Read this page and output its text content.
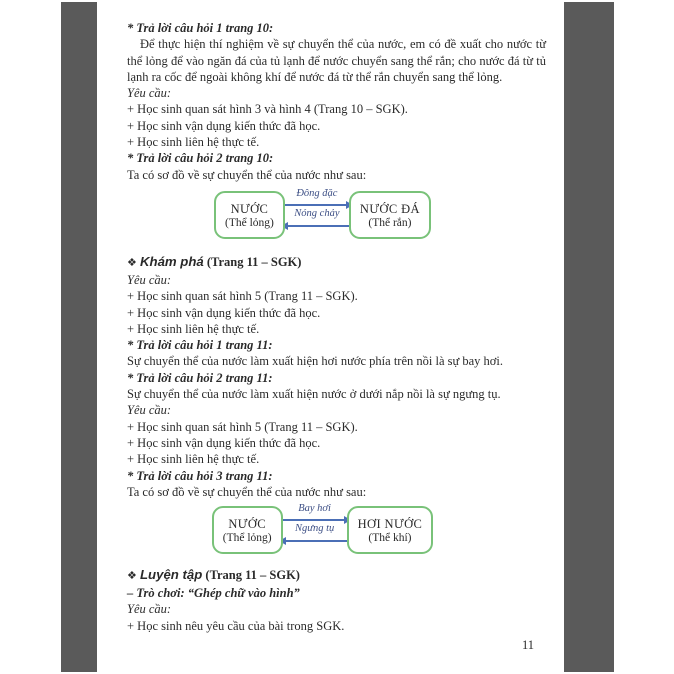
* Trả lời câu hỏi 1 trang 10:

Để thực hiện thí nghiệm về sự chuyển thể của nước, em có đề xuất cho nước từ thể lỏng để vào ngăn đá của tủ lạnh để nước chuyển sang thể rắn; cho nước đá từ tủ lạnh ra cốc để ngoài không khí để nước đá từ thể rắn chuyển sang thể lỏng.

Yêu cầu:

+ Học sinh quan sát hình 3 và hình 4 (Trang 10 – SGK).

+ Học sinh vận dụng kiến thức đã học.

+ Học sinh liên hệ thực tế.

* Trả lời câu hỏi 2 trang 10:

Ta có sơ đồ về sự chuyển thể của nước như sau:

NƯỚC
(Thể lỏng)
Đông đặc
Nóng chảy	NƯỚC ĐÁ
(Thể rắn)

❖ Khám phá (Trang 11 – SGK)

Yêu cầu:

+ Học sinh quan sát hình 5 (Trang 11 – SGK).

+ Học sinh vận dụng kiến thức đã học.

+ Học sinh liên hệ thực tế.

* Trả lời câu hỏi 1 trang 11:

Sự chuyển thể của nước làm xuất hiện hơi nước phía trên nồi là sự bay hơi.

* Trả lời câu hỏi 2 trang 11:

Sự chuyển thể của nước làm xuất hiện nước ở dưới nắp nồi là sự ngưng tụ.

Yêu cầu:

+ Học sinh quan sát hình 5 (Trang 11 – SGK).

+ Học sinh vận dụng kiến thức đã học.

+ Học sinh liên hệ thực tế.

* Trả lời câu hỏi 3 trang 11:

Ta có sơ đồ về sự chuyển thể của nước như sau:

NƯỚC
(Thể lỏng)
Bay hơi
Ngưng tụ	HƠI NƯỚC
(Thể khí)

❖ Luyện tập (Trang 11 – SGK)

– Trò chơi: “Ghép chữ vào hình”

Yêu cầu:

+ Học sinh nêu yêu cầu của bài trong SGK.

11
